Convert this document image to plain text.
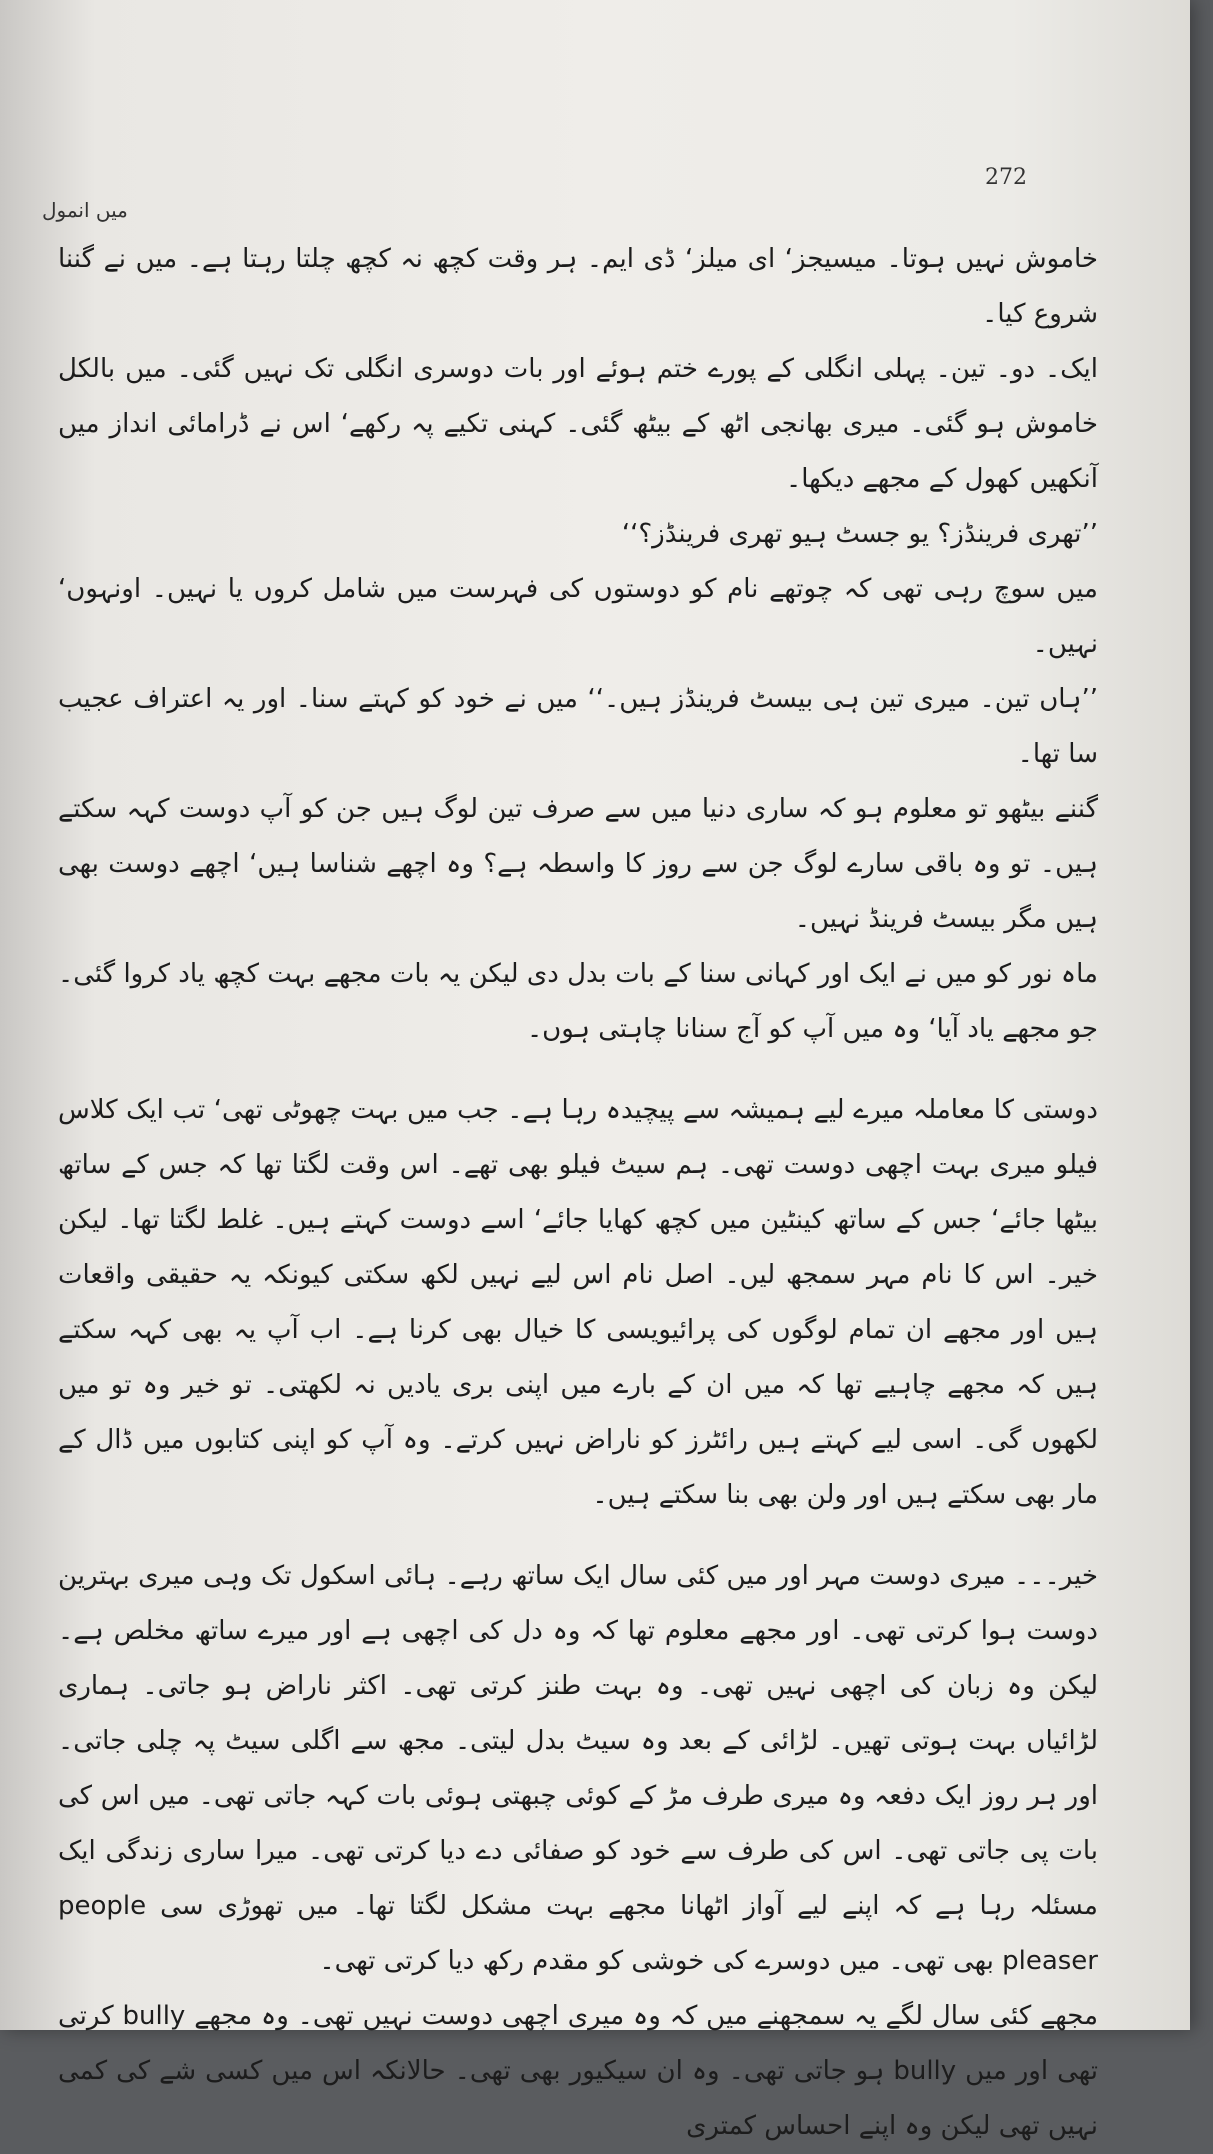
272
میں انمول

خاموش نہیں ہوتا۔ میسیجز‘ ای میلز‘ ڈی ایم۔ ہر وقت کچھ نہ کچھ چلتا رہتا ہے۔ میں نے گننا شروع کیا۔

ایک۔ دو۔ تین۔ پہلی انگلی کے پورے ختم ہوئے اور بات دوسری انگلی تک نہیں گئی۔ میں بالکل خاموش ہو گئی۔ میری بھانجی اٹھ کے بیٹھ گئی۔ کہنی تکیے پہ رکھے‘ اس نے ڈرامائی انداز میں آنکھیں کھول کے مجھے دیکھا۔

’’تھری فرینڈز؟ یو جسٹ ہیو تھری فرینڈز؟‘‘

میں سوچ رہی تھی کہ چوتھے نام کو دوستوں کی فہرست میں شامل کروں یا نہیں۔ اونہوں‘ نہیں۔

’’ہاں تین۔ میری تین ہی بیسٹ فرینڈز ہیں۔‘‘ میں نے خود کو کہتے سنا۔ اور یہ اعتراف عجیب سا تھا۔

گننے بیٹھو تو معلوم ہو کہ ساری دنیا میں سے صرف تین لوگ ہیں جن کو آپ دوست کہہ سکتے ہیں۔ تو وہ باقی سارے لوگ جن سے روز کا واسطہ ہے؟ وہ اچھے شناسا ہیں‘ اچھے دوست بھی ہیں مگر بیسٹ فرینڈ نہیں۔

ماہ نور کو میں نے ایک اور کہانی سنا کے بات بدل دی لیکن یہ بات مجھے بہت کچھ یاد کروا گئی۔ جو مجھے یاد آیا‘ وہ میں آپ کو آج سنانا چاہتی ہوں۔

دوستی کا معاملہ میرے لیے ہمیشہ سے پیچیدہ رہا ہے۔ جب میں بہت چھوٹی تھی‘ تب ایک کلاس فیلو میری بہت اچھی دوست تھی۔ ہم سیٹ فیلو بھی تھے۔ اس وقت لگتا تھا کہ جس کے ساتھ بیٹھا جائے‘ جس کے ساتھ کینٹین میں کچھ کھایا جائے‘ اسے دوست کہتے ہیں۔ غلط لگتا تھا۔ لیکن خیر۔ اس کا نام مہر سمجھ لیں۔ اصل نام اس لیے نہیں لکھ سکتی کیونکہ یہ حقیقی واقعات ہیں اور مجھے ان تمام لوگوں کی پرائیویسی کا خیال بھی کرنا ہے۔ اب آپ یہ بھی کہہ سکتے ہیں کہ مجھے چاہیے تھا کہ میں ان کے بارے میں اپنی بری یادیں نہ لکھتی۔ تو خیر وہ تو میں لکھوں گی۔ اسی لیے کہتے ہیں رائٹرز کو ناراض نہیں کرتے۔ وہ آپ کو اپنی کتابوں میں ڈال کے مار بھی سکتے ہیں اور ولن بھی بنا سکتے ہیں۔

خیر۔۔۔ میری دوست مہر اور میں کئی سال ایک ساتھ رہے۔ ہائی اسکول تک وہی میری بہترین دوست ہوا کرتی تھی۔ اور مجھے معلوم تھا کہ وہ دل کی اچھی ہے اور میرے ساتھ مخلص ہے۔ لیکن وہ زبان کی اچھی نہیں تھی۔ وہ بہت طنز کرتی تھی۔ اکثر ناراض ہو جاتی۔ ہماری لڑائیاں بہت ہوتی تھیں۔ لڑائی کے بعد وہ سیٹ بدل لیتی۔ مجھ سے اگلی سیٹ پہ چلی جاتی۔ اور ہر روز ایک دفعہ وہ میری طرف مڑ کے کوئی چبھتی ہوئی بات کہہ جاتی تھی۔ میں اس کی بات پی جاتی تھی۔ اس کی طرف سے خود کو صفائی دے دیا کرتی تھی۔ میرا ساری زندگی ایک مسئلہ رہا ہے کہ اپنے لیے آواز اٹھانا مجھے بہت مشکل لگتا تھا۔ میں تھوڑی سی people pleaser بھی تھی۔ میں دوسرے کی خوشی کو مقدم رکھ دیا کرتی تھی۔

مجھے کئی سال لگے یہ سمجھنے میں کہ وہ میری اچھی دوست نہیں تھی۔ وہ مجھے bully کرتی تھی اور میں bully ہو جاتی تھی۔ وہ ان سیکیور بھی تھی۔ حالانکہ اس میں کسی شے کی کمی نہیں تھی لیکن وہ اپنے احساس کمتری
